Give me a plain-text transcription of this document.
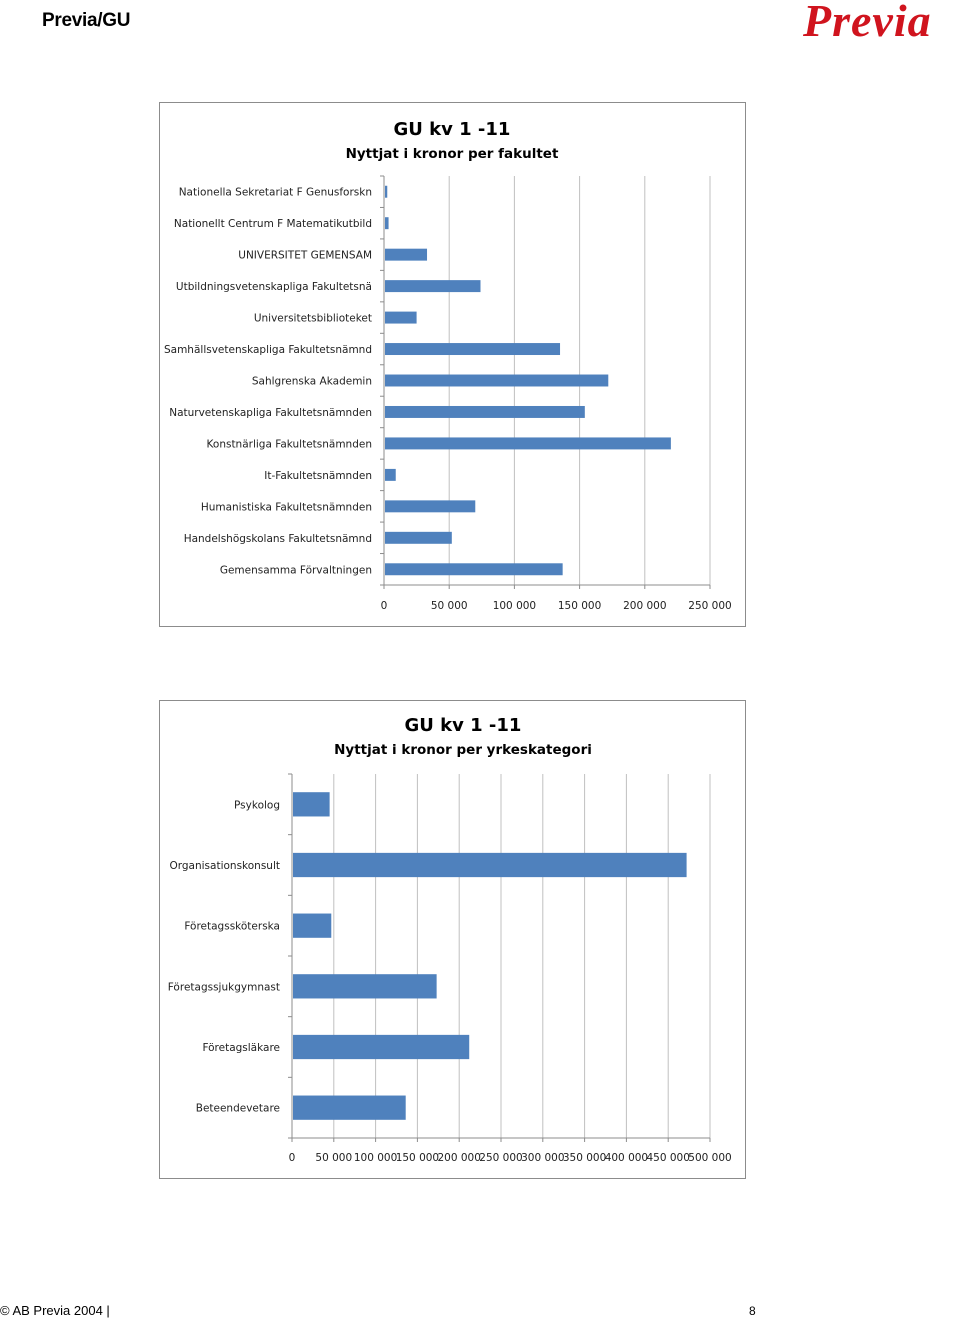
Previa/GU	Previa
GU kv 1 -11
Nyttjat i kronor per fakultet
Nationella Sekretariat F Genusforskn
Nationellt Centrum F Matematikutbild
UNIVERSITET GEMENSAM
Utbildningsvetenskapliga Fakultetsnä
Universitetsbiblioteket
Samhällsvetenskapliga Fakultetsnämnd
Sahlgrenska Akademin
Naturvetenskapliga Fakultetsnämnden
Konstnärliga Fakultetsnämnden
It-Fakultetsnämnden
Humanistiska Fakultetsnämnden
Handelshögskolans Fakultetsnämnd
Gemensamma Förvaltningen
0	50 000 100 000 150 000 200 000 250 000
GU kv 1 -11
Nyttjat i kronor per yrkeskategori
Psykolog
Organisationskonsult
Företagssköterska
Företagssjukgymnast
Företagsläkare
Beteendevetare
0 50 000 100 000
150 000
200 000
250 000
300 000
350 000
400 000
450 000
500 000
© AB Previa 2004 |	8
